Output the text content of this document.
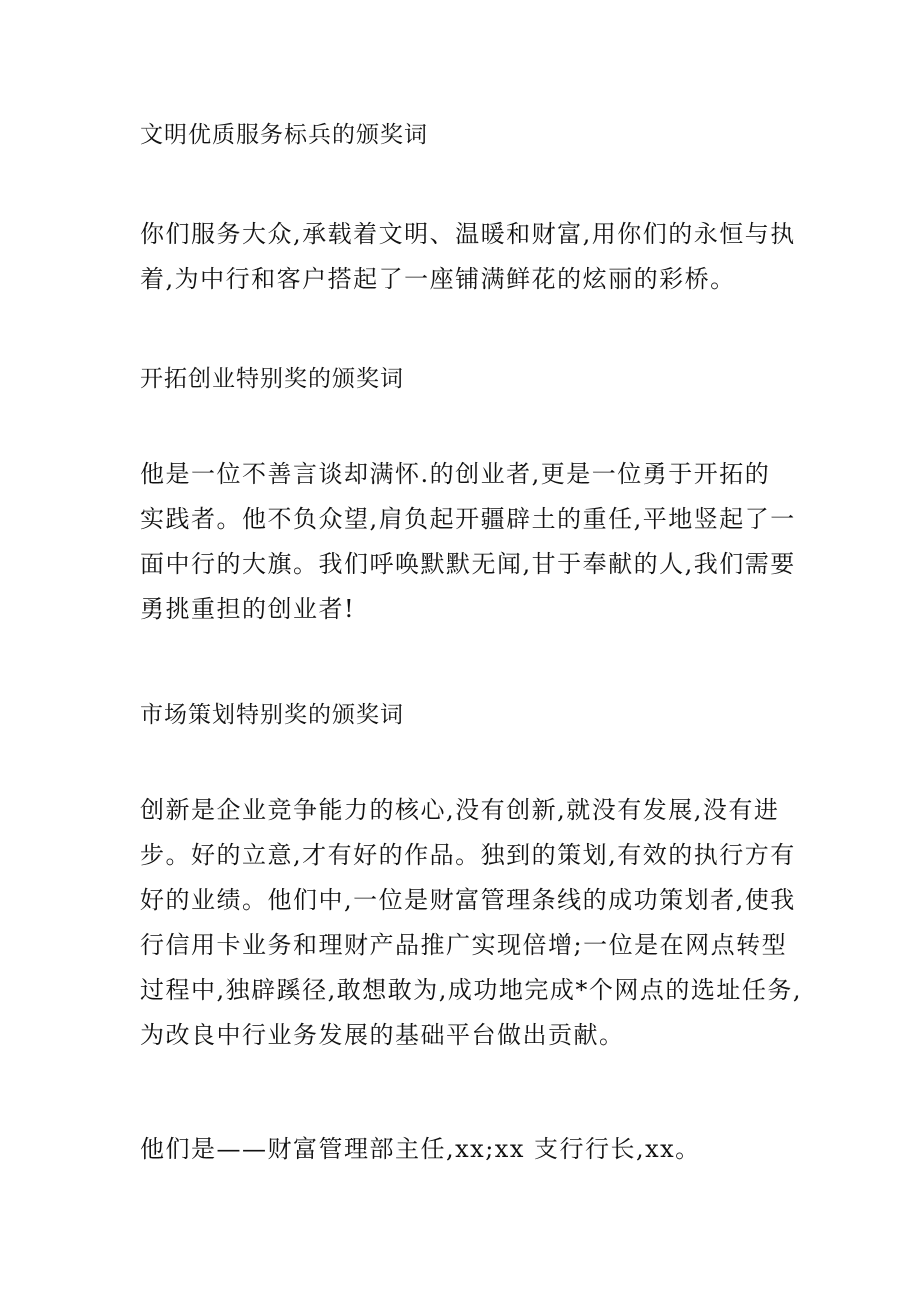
文明优质服务标兵的颁奖词
你们服务大众,承载着文明、温暖和财富,用你们的永恒与执
着,为中行和客户搭起了一座铺满鲜花的炫丽的彩桥。
开拓创业特别奖的颁奖词
他是一位不善言谈却满怀.的创业者,更是一位勇于开拓的
实践者。他不负众望,肩负起开疆辟土的重任,平地竖起了一
面中行的大旗。我们呼唤默默无闻,甘于奉献的人,我们需要
勇挑重担的创业者!
市场策划特别奖的颁奖词
创新是企业竞争能力的核心,没有创新,就没有发展,没有进
步。好的立意,才有好的作品。独到的策划,有效的执行方有
好的业绩。他们中,一位是财富管理条线的成功策划者,使我
行信用卡业务和理财产品推广实现倍增;一位是在网点转型
过程中,独辟蹊径,敢想敢为,成功地完成*个网点的选址任务,
为改良中行业务发展的基础平台做出贡献。
他们是——财富管理部主任,xx;xx 支行行长,xx。
